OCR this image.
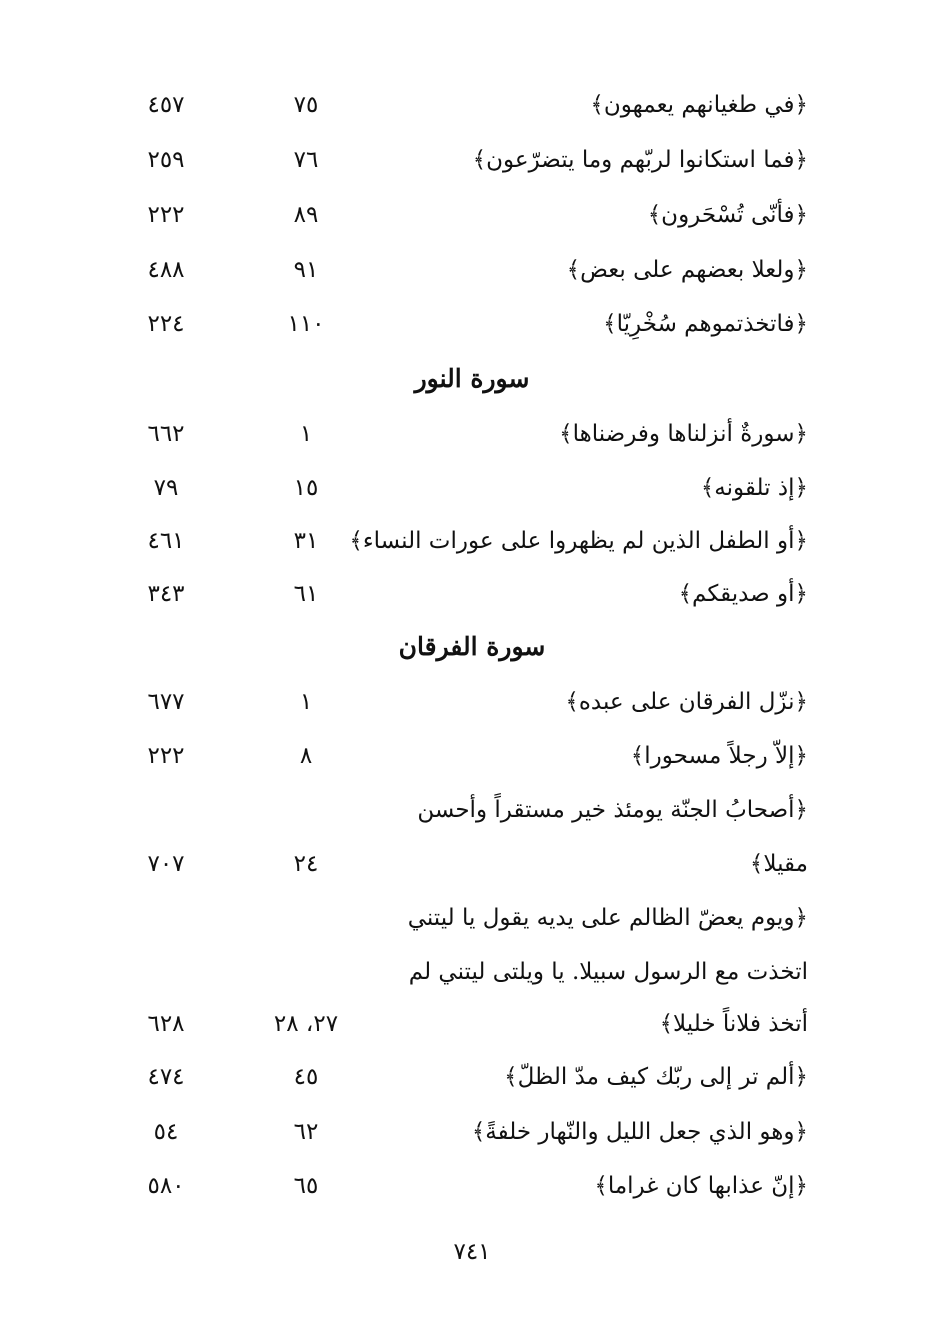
﴿في طغيانهم يعمهون﴾
٧٥
٤٥٧
﴿فما استكانوا لربّهم وما يتضرّعون﴾
٧٦
٢٥٩
﴿فأنّى تُسْحَرون﴾
٨٩
٢٢٢
﴿ولعلا بعضهم على بعض﴾
٩١
٤٨٨
﴿فاتخذتموهم سُخْرِيّا﴾
١١٠
٢٢٤
سورة النور
﴿سورةٌ أنزلناها وفرضناها﴾
١
٦٦٢
﴿إذ تلقونه﴾
١٥
٧٩
﴿أو الطفل الذين لم يظهروا على عورات النساء﴾
٣١
٤٦١
﴿أو صديقكم﴾
٦١
٣٤٣
سورة الفرقان
﴿نزّل الفرقان على عبده﴾
١
٦٧٧
﴿إلاّ رجلاً مسحورا﴾
٨
٢٢٢
﴿أصحابُ الجنّة يومئذ خير مستقراً وأحسن
مقيلا﴾
٢٤
٧٠٧
﴿ويوم يعضّ الظالم على يديه يقول يا ليتني
اتخذت مع الرسول سبيلا. يا ويلتى ليتني لم
أتخذ فلاناً خليلا﴾
٢٧، ٢٨
٦٢٨
﴿ألم تر إلى ربّك كيف مدّ الظلّ﴾
٤٥
٤٧٤
﴿وهو الذي جعل الليل والنّهار خلفةً﴾
٦٢
٥٤
﴿إنّ عذابها كان غراما﴾
٦٥
٥٨٠
٧٤١
